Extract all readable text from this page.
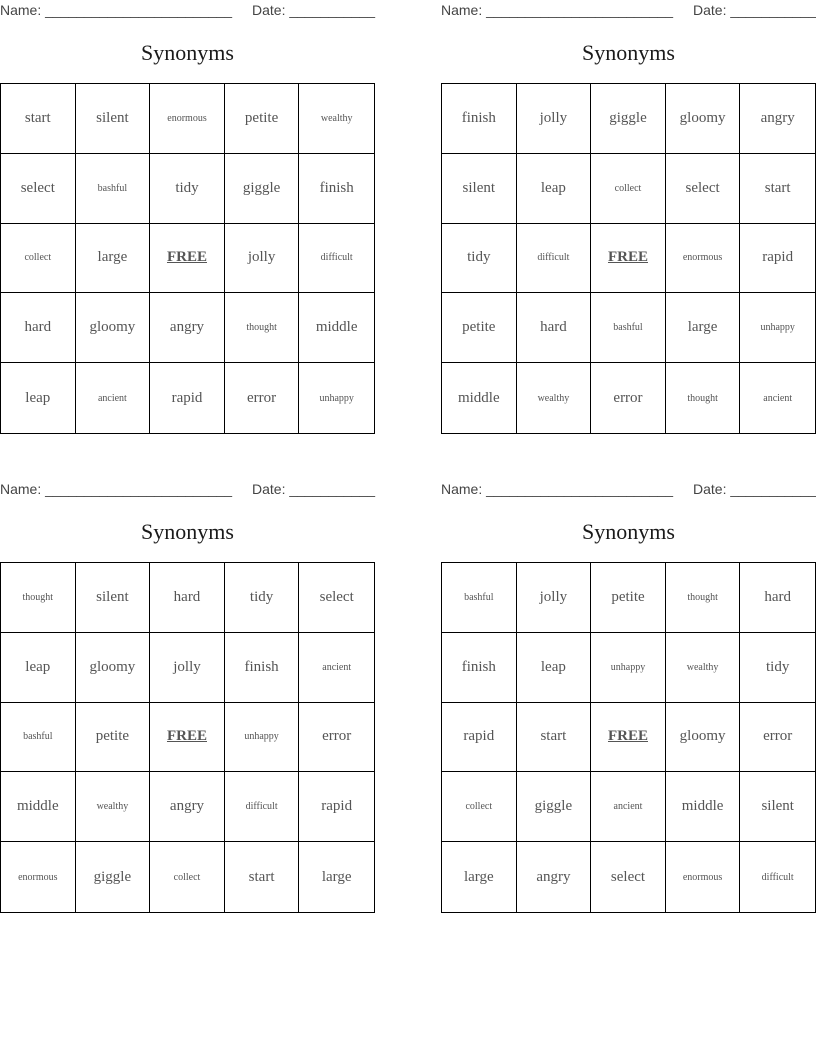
Name: ________________________ Date: ___________
Synonyms
start	silent	enormous	petite	wealthy
select	bashful	tidy	giggle	finish
collect	large	FREE	jolly	difficult
hard	gloomy	angry	thought	middle
leap	ancient	rapid	error	unhappy
Name: ________________________ Date: ___________
Synonyms
finish	jolly	giggle	gloomy	angry
silent	leap	collect	select	start
tidy	difficult	FREE	enormous	rapid
petite	hard	bashful	large	unhappy
middle	wealthy	error	thought	ancient
Name: ________________________ Date: ___________
Synonyms
thought	silent	hard	tidy	select
leap	gloomy	jolly	finish	ancient
bashful	petite	FREE	unhappy	error
middle	wealthy	angry	difficult	rapid
enormous	giggle	collect	start	large
Name: ________________________ Date: ___________
Synonyms
bashful	jolly	petite	thought	hard
finish	leap	unhappy	wealthy	tidy
rapid	start	FREE	gloomy	error
collect	giggle	ancient	middle	silent
large	angry	select	enormous	difficult
